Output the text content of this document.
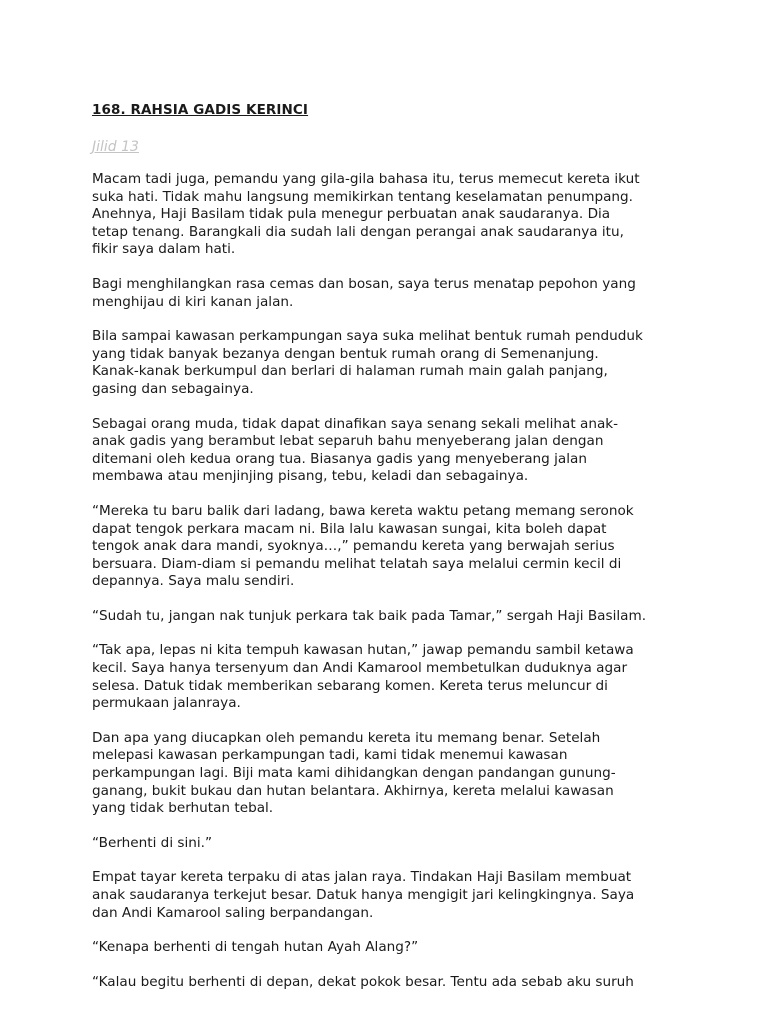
168. RAHSIA GADIS KERINCI
Jilid 13

Macam tadi juga, pemandu yang gila-gila bahasa itu, terus memecut kereta ikut
suka hati. Tidak mahu langsung memikirkan tentang keselamatan penumpang.
Anehnya, Haji Basilam tidak pula menegur perbuatan anak saudaranya. Dia
tetap tenang. Barangkali dia sudah lali dengan perangai anak saudaranya itu,
fikir saya dalam hati.

Bagi menghilangkan rasa cemas dan bosan, saya terus menatap pepohon yang
menghijau di kiri kanan jalan.

Bila sampai kawasan perkampungan saya suka melihat bentuk rumah penduduk
yang tidak banyak bezanya dengan bentuk rumah orang di Semenanjung.
Kanak-kanak berkumpul dan berlari di halaman rumah main galah panjang,
gasing dan sebagainya.

Sebagai orang muda, tidak dapat dinafikan saya senang sekali melihat anak-
anak gadis yang berambut lebat separuh bahu menyeberang jalan dengan
ditemani oleh kedua orang tua. Biasanya gadis yang menyeberang jalan
membawa atau menjinjing pisang, tebu, keladi dan sebagainya.

“Mereka tu baru balik dari ladang, bawa kereta waktu petang memang seronok
dapat tengok perkara macam ni. Bila lalu kawasan sungai, kita boleh dapat
tengok anak dara mandi, syoknya…,” pemandu kereta yang berwajah serius
bersuara. Diam-diam si pemandu melihat telatah saya melalui cermin kecil di
depannya. Saya malu sendiri.

“Sudah tu, jangan nak tunjuk perkara tak baik pada Tamar,” sergah Haji Basilam.

“Tak apa, lepas ni kita tempuh kawasan hutan,” jawap pemandu sambil ketawa
kecil. Saya hanya tersenyum dan Andi Kamarool membetulkan duduknya agar
selesa. Datuk tidak memberikan sebarang komen. Kereta terus meluncur di
permukaan jalanraya.

Dan apa yang diucapkan oleh pemandu kereta itu memang benar. Setelah
melepasi kawasan perkampungan tadi, kami tidak menemui kawasan
perkampungan lagi. Biji mata kami dihidangkan dengan pandangan gunung-
ganang, bukit bukau dan hutan belantara. Akhirnya, kereta melalui kawasan
yang tidak berhutan tebal.

“Berhenti di sini.”

Empat tayar kereta terpaku di atas jalan raya. Tindakan Haji Basilam membuat
anak saudaranya terkejut besar. Datuk hanya mengigit jari kelingkingnya. Saya
dan Andi Kamarool saling berpandangan.

“Kenapa berhenti di tengah hutan Ayah Alang?”

“Kalau begitu berhenti di depan, dekat pokok besar. Tentu ada sebab aku suruh
